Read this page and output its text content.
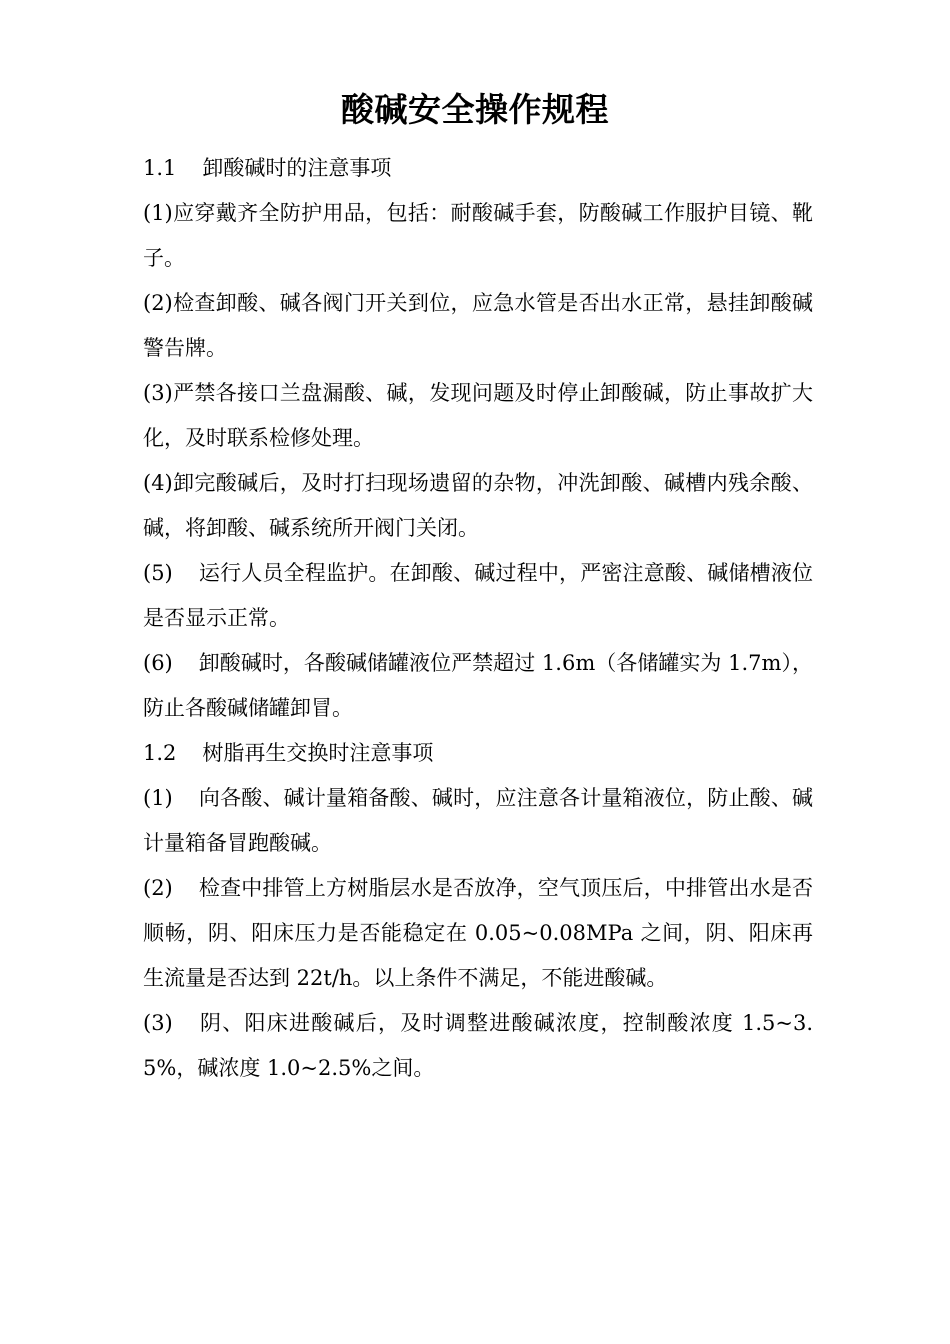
酸碱安全操作规程

1.1 卸酸碱时的注意事项

(1)应穿戴齐全防护用品，包括：耐酸碱手套，防酸碱工作服护目镜、靴子。

(2)检查卸酸、碱各阀门开关到位，应急水管是否出水正常，悬挂卸酸碱警告牌。

(3)严禁各接口兰盘漏酸、碱，发现问题及时停止卸酸碱，防止事故扩大化，及时联系检修处理。

(4)卸完酸碱后，及时打扫现场遗留的杂物，冲洗卸酸、碱槽内残余酸、碱，将卸酸、碱系统所开阀门关闭。

(5) 运行人员全程监护。在卸酸、碱过程中，严密注意酸、碱储槽液位是否显示正常。

(6) 卸酸碱时，各酸碱储罐液位严禁超过 1.6m（各储罐实为 1.7m），防止各酸碱储罐卸冒。

1.2 树脂再生交换时注意事项

(1) 向各酸、碱计量箱备酸、碱时，应注意各计量箱液位，防止酸、碱计量箱备冒跑酸碱。

(2) 检查中排管上方树脂层水是否放净，空气顶压后，中排管出水是否顺畅，阴、阳床压力是否能稳定在 0.05~0.08MPa 之间，阴、阳床再生流量是否达到 22t/h。以上条件不满足，不能进酸碱。

(3) 阴、阳床进酸碱后，及时调整进酸碱浓度，控制酸浓度 1.5~3.5%，碱浓度 1.0~2.5%之间。
